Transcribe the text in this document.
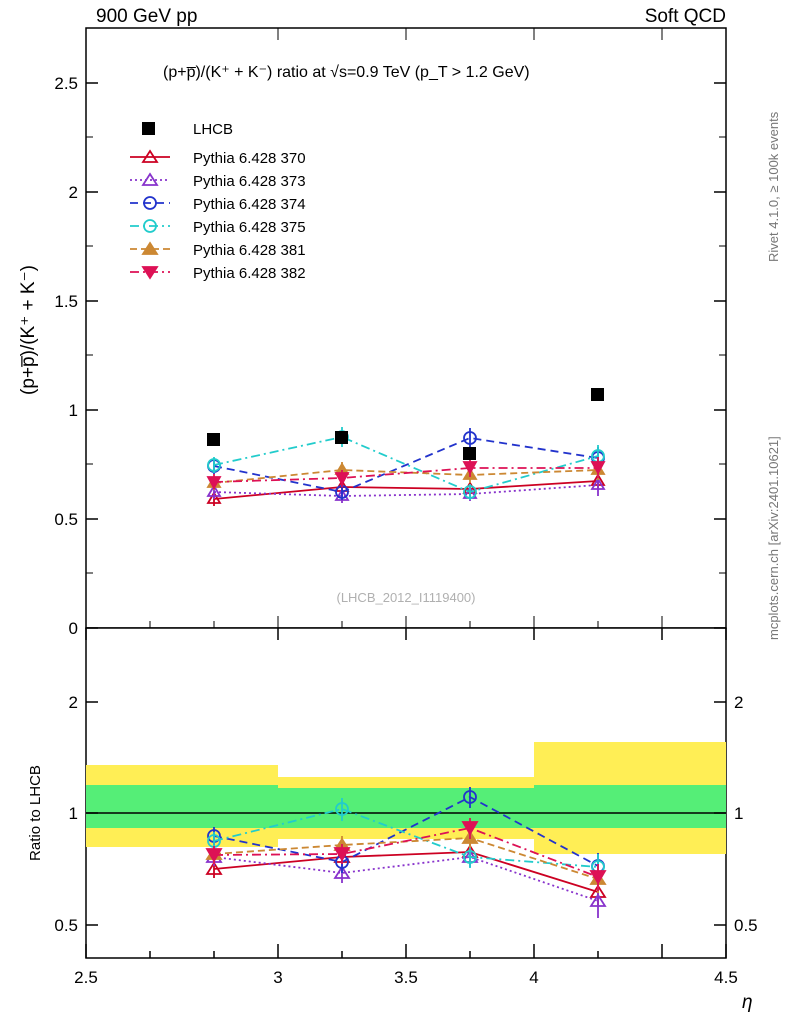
900 GeV pp	Soft QCD
Rivet 4.1.0, ≥ 100k events
mcplots.cern.ch [arXiv:2401.10621]
η
0
0.5
1
1.5
2
2.5
(p+p̅)/(K⁺ + K⁻) ratio at √s=0.9 TeV (p_T > 1.2 GeV)
(LHCB_2012_I1119400)
LHCB
Pythia 6.428 370
Pythia 6.428 373
Pythia 6.428 374
Pythia 6.428 375
Pythia 6.428 381
Pythia 6.428 382
0.5
1
2
0.5
1
2
2.5	3	3.5	4	4.5
(p+p̅)/(K⁺ + K⁻)
Ratio to LHCB
